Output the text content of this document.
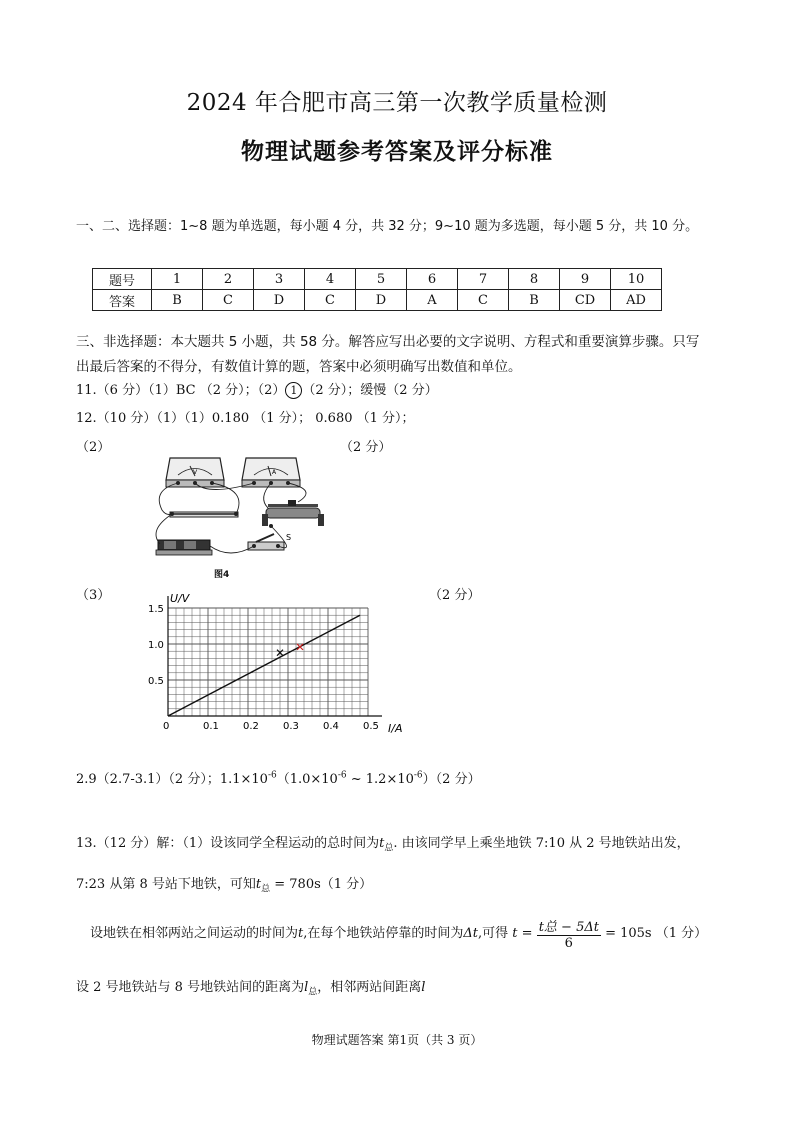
2024 年合肥市高三第一次教学质量检测
物理试题参考答案及评分标准
一、二、选择题：1~8 题为单选题，每小题 4 分，共 32 分；9~10 题为多选题，每小题 5 分，共 10 分。
题号	1	2	3	4	5	6	7	8	9	10
答案	B	C	D	C	D	A	C	B	CD	AD
三、非选择题：本大题共 5 小题，共 58 分。解答应写出必要的文字说明、方程式和重要演算步骤。只写
出最后答案的不得分，有数值计算的题，答案中必须明确写出数值和单位。
11.（6 分）（1）BC （2 分）；（2） 1 （2 分）；缓慢（2 分）
12.（10 分）（1）（1）0.180 （1 分）； 0.680 （1 分）；
（2）	（2 分）
V	A
S
图4
（3）	（2 分）
U/V
I/A
0	0.1 0.2 0.3 0.4 0.5
0.5
1.0
1.5
2.9（2.7-3.1）（2 分）；$1.1\times 10^{-6}(1.0\times 10^{-6}$ ~ $1.2\times 10^{-6})(2$ 分）
13.（12 分）解：（1）设该同学全程运动的总时间为$t_总$. 由该同学早上乘坐地铁 7:10 从 2 号地铁站出发，
7:23 从第 8 号站下地铁，可知$t_总 = 780s(1$ 分）
设地铁在相邻两站之间运动的时间为t,在每个地铁站停靠的时间为Δt,可得 $t = \frac{\text{t总 − 5Δt}}{6} = 105s$ （1 分）
设 2 号地铁站与 8 号地铁站间的距离为$l_总$，相邻两站间距离l
物理试题答案 第1页（共 3 页）
